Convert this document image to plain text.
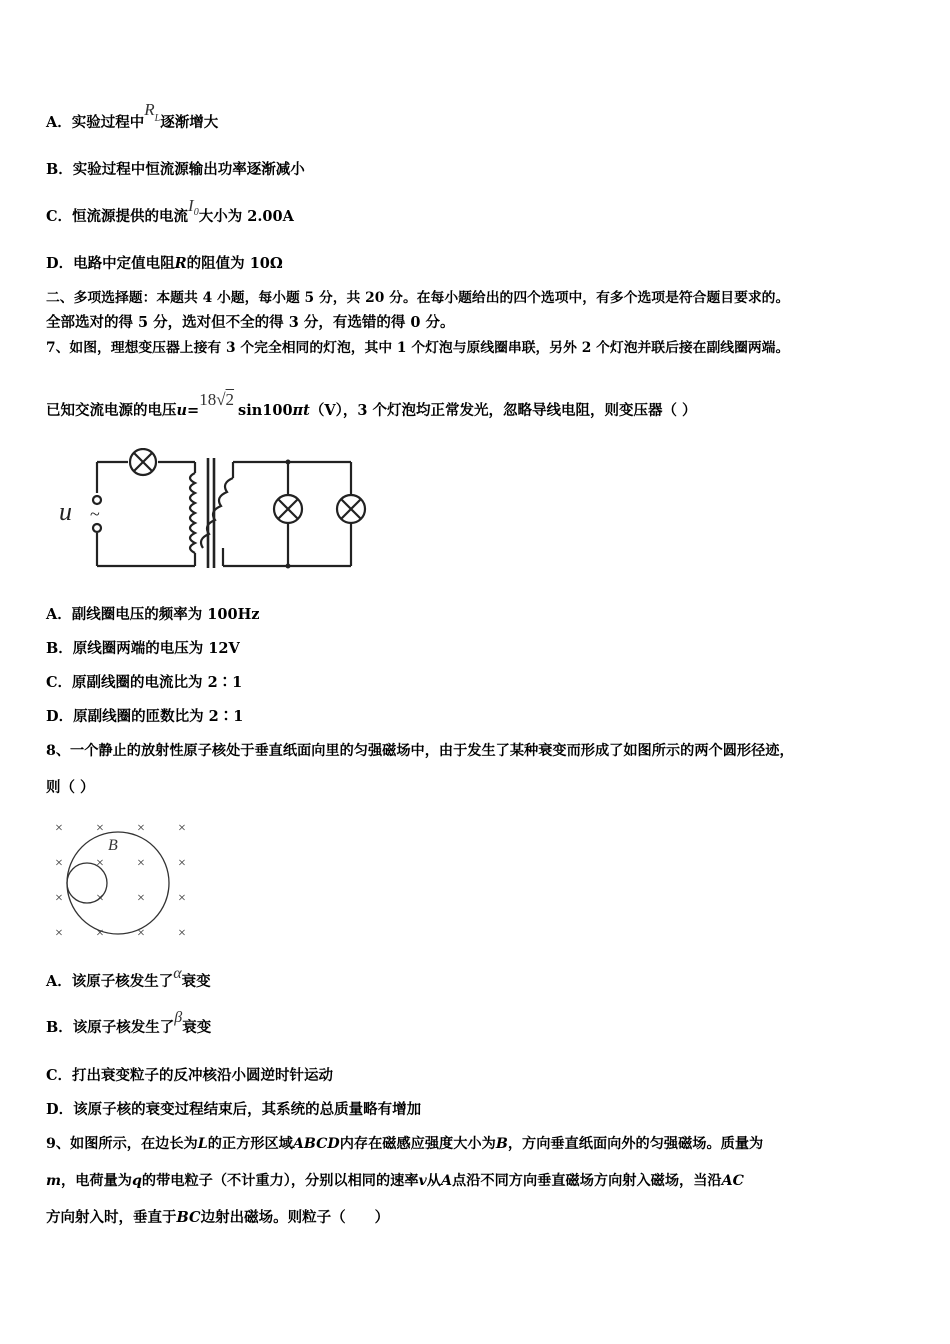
A．实验过程中$R^L$逐渐增大
B．实验过程中恒流源输出功率逐渐减小
C．恒流源提供的电流$I^0$大小为 2.00A
D．电路中定值电阻R的阻值为 10Ω
二、多项选择题：本题共 4 小题，每小题 5 分，共 20 分。在每小题给出的四个选项中，有多个选项是符合题目要求的。
全部选对的得 5 分，选对但不全的得 3 分，有选错的得 0 分。
7、如图，理想变压器上接有 3 个完全相同的灯泡，其中 1 个灯泡与原线圈串联，另外 2 个灯泡并联后接在副线圈两端。
已知交流电源的电压u=18√2sin100πt（V），3 个灯泡均正常发光，忽略导线电阻，则变压器（ ）
u ~
A．副线圈电压的频率为 100Hz
B．原线圈两端的电压为 12V
C．原副线圈的电流比为 2∶1
D．原副线圈的匝数比为 2∶1
8、一个静止的放射性原子核处于垂直纸面向里的匀强磁场中，由于发生了某种衰变而形成了如图所示的两个圆形径迹，
则（ ）
× × × ×
× × × ×
× × × ×
× × × ×
B
A．该原子核发生了α衰变
B．该原子核发生了β衰变
C．打出衰变粒子的反冲核沿小圆逆时针运动
D．该原子核的衰变过程结束后，其系统的总质量略有增加
9、如图所示，在边长为L的正方形区域ABCD内存在磁感应强度大小为B，方向垂直纸面向外的匀强磁场。质量为
m，电荷量为q的带电粒子（不计重力），分别以相同的速率v从A点沿不同方向垂直磁场方向射入磁场，当沿AC
方向射入时，垂直于BC边射出磁场。则粒子（　　）
